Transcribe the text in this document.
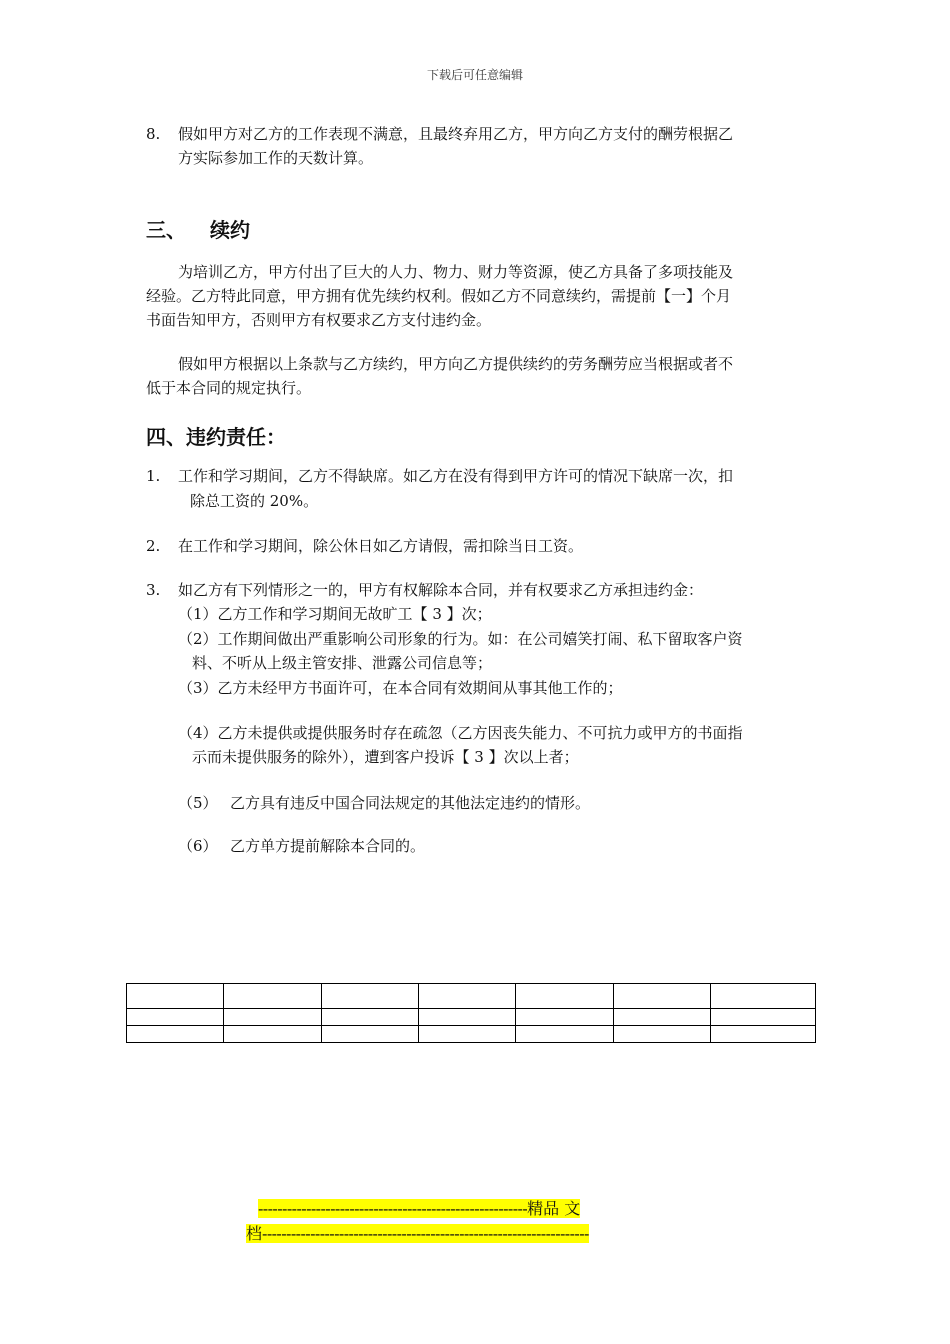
下载后可任意编辑
8. 假如甲方对乙方的工作表现不满意，且最终弃用乙方，甲方向乙方支付的酬劳根据乙
方实际参加工作的天数计算。
三、 续约
为培训乙方，甲方付出了巨大的人力、物力、财力等资源，使乙方具备了多项技能及
经验。乙方特此同意，甲方拥有优先续约权利。假如乙方不同意续约，需提前【一】个月
书面告知甲方，否则甲方有权要求乙方支付违约金。
假如甲方根据以上条款与乙方续约，甲方向乙方提供续约的劳务酬劳应当根据或者不
低于本合同的规定执行。
四、违约责任：
1. 工作和学习期间，乙方不得缺席。如乙方在没有得到甲方许可的情况下缺席一次，扣
除总工资的 20%。
2. 在工作和学习期间，除公休日如乙方请假，需扣除当日工资。
3. 如乙方有下列情形之一的，甲方有权解除本合同，并有权要求乙方承担违约金：
（1）乙方工作和学习期间无故旷工【 3 】次；
（2）工作期间做出严重影响公司形象的行为。如：在公司嬉笑打闹、私下留取客户资
料、不听从上级主管安排、泄露公司信息等；
（3）乙方未经甲方书面许可，在本合同有效期间从事其他工作的；
（4）乙方未提供或提供服务时存在疏忽（乙方因丧失能力、不可抗力或甲方的书面指
示而未提供服务的除外），遭到客户投诉【 3 】次以上者；
（5） 乙方具有违反中国合同法规定的其他法定违约的情形。
（6） 乙方单方提前解除本合同的。

--------------------------------------------------------精品 文
档--------------------------------------------------------------------
